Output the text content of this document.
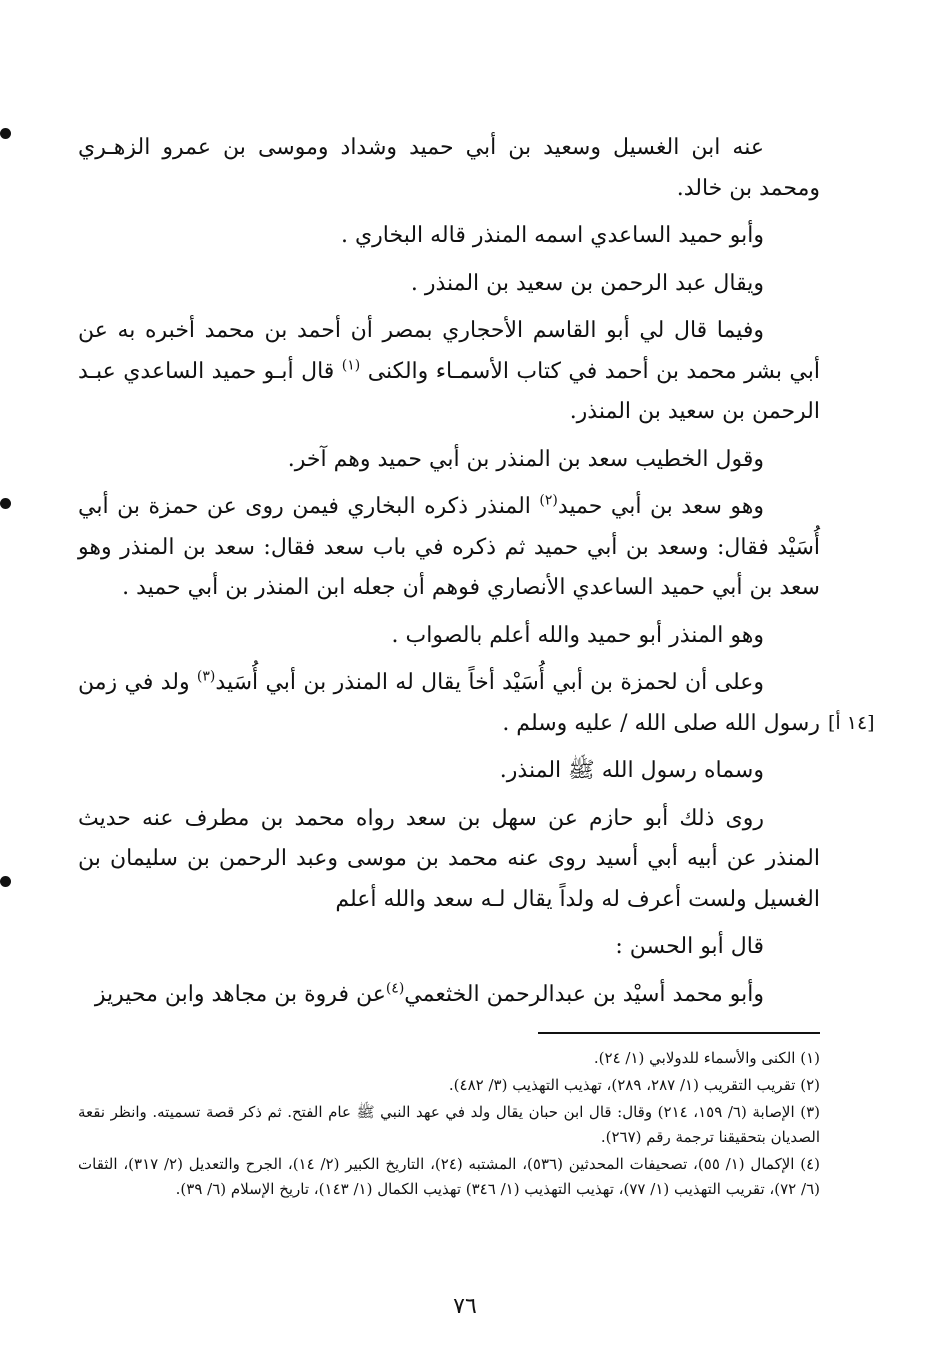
عنه ابن الغسيل وسعيد بن أبي حميد وشداد وموسى بن عمرو الزهـري ومحمد بن خالد.

وأبو حميد الساعدي اسمه المنذر قاله البخاري .

ويقال عبد الرحمن بن سعيد بن المنذر .

وفيما قال لي أبو القاسم الأحجاري بمصر أن أحمد بن محمد أخبره به عن أبي بشر محمد بن أحمد في كتاب الأسمـاء والكنى $^{(١)}$ قال أبـو حميد الساعدي عبـد الرحمن بن سعيد بن المنذر.

وقول الخطيب سعد بن المنذر بن أبي حميد وهم آخر.

وهو سعد بن أبي حميد$^{(٢)}$ المنذر ذكره البخاري فيمن روى عن حمزة بن أبي أُسَيْد فقال: وسعد بن أبي حميد ثم ذكره في باب سعد فقال: سعد بن المنذر وهو سعد بن أبي حميد الساعدي الأنصاري فوهم أن جعله ابن المنذر بن أبي حميد .

وهو المنذر أبو حميد والله أعلم بالصواب .

وعلى أن لحمزة بن أبي أُسَيْد أخاً يقال له المنذر بن أبي أُسَيد$^{(٣)}$ ولد في زمن رسول الله صلى الله / عليه وسلم .

وسماه رسول الله ﷺ المنذر.

روى ذلك أبو حازم عن سهل بن سعد رواه محمد بن مطرف عنه حديث المنذر عن أبيه أبي أسيد روى عنه محمد بن موسى وعبد الرحمن بن سليمان بن الغسيل ولست أعرف له ولداً يقال لـه سعد والله أعلم

قال أبو الحسن :

وأبو محمد أسيْد بن عبدالرحمن الخثعمي$^{(٤)}$عن فروة بن مجاهد وابن محيريز

[١٤ أ]

(١) الكنى والأسماء للدولابي (١/ ٢٤).

(٢) تقريب التقريب (١/ ٢٨٧، ٢٨٩)، تهذيب التهذيب (٣/ ٤٨٢).

(٣) الإصابة (٦/ ١٥٩، ٢١٤) وقال: قال ابن حبان يقال ولد في عهد النبي ﷺ عام الفتح. ثم ذكر قصة تسميته. وانظر نقعة الصديان بتحقيقنا ترجمة رقم (٢٦٧).

(٤) الإكمال (١/ ٥٥)، تصحيفات المحدثين (٥٣٦)، المشتبه (٢٤)، التاريخ الكبير (٢/ ١٤)، الجرح والتعديل (٢/ ٣١٧)، الثقات (٦/ ٧٢)، تقريب التهذيب (١/ ٧٧)، تهذيب التهذيب (١/ ٣٤٦) تهذيب الكمال (١/ ١٤٣)، تاريخ الإسلام (٦/ ٣٩).

٧٦
